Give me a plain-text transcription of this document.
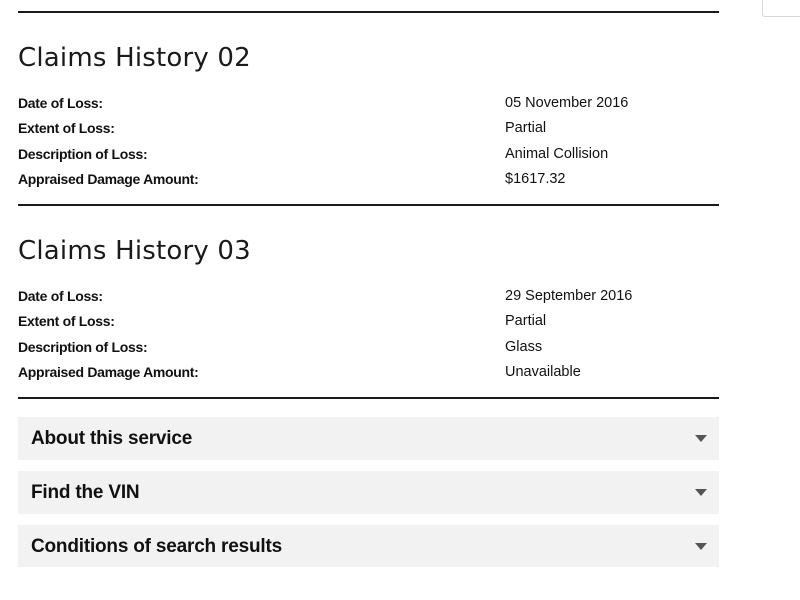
Claims History 02
Date of Loss:	05 November 2016
Extent of Loss:	Partial
Description of Loss:	Animal Collision
Appraised Damage Amount:	$1617.32
Claims History 03
Date of Loss:	29 September 2016
Extent of Loss:	Partial
Description of Loss:	Glass
Appraised Damage Amount:	Unavailable
About this service
Find the VIN
Conditions of search results
